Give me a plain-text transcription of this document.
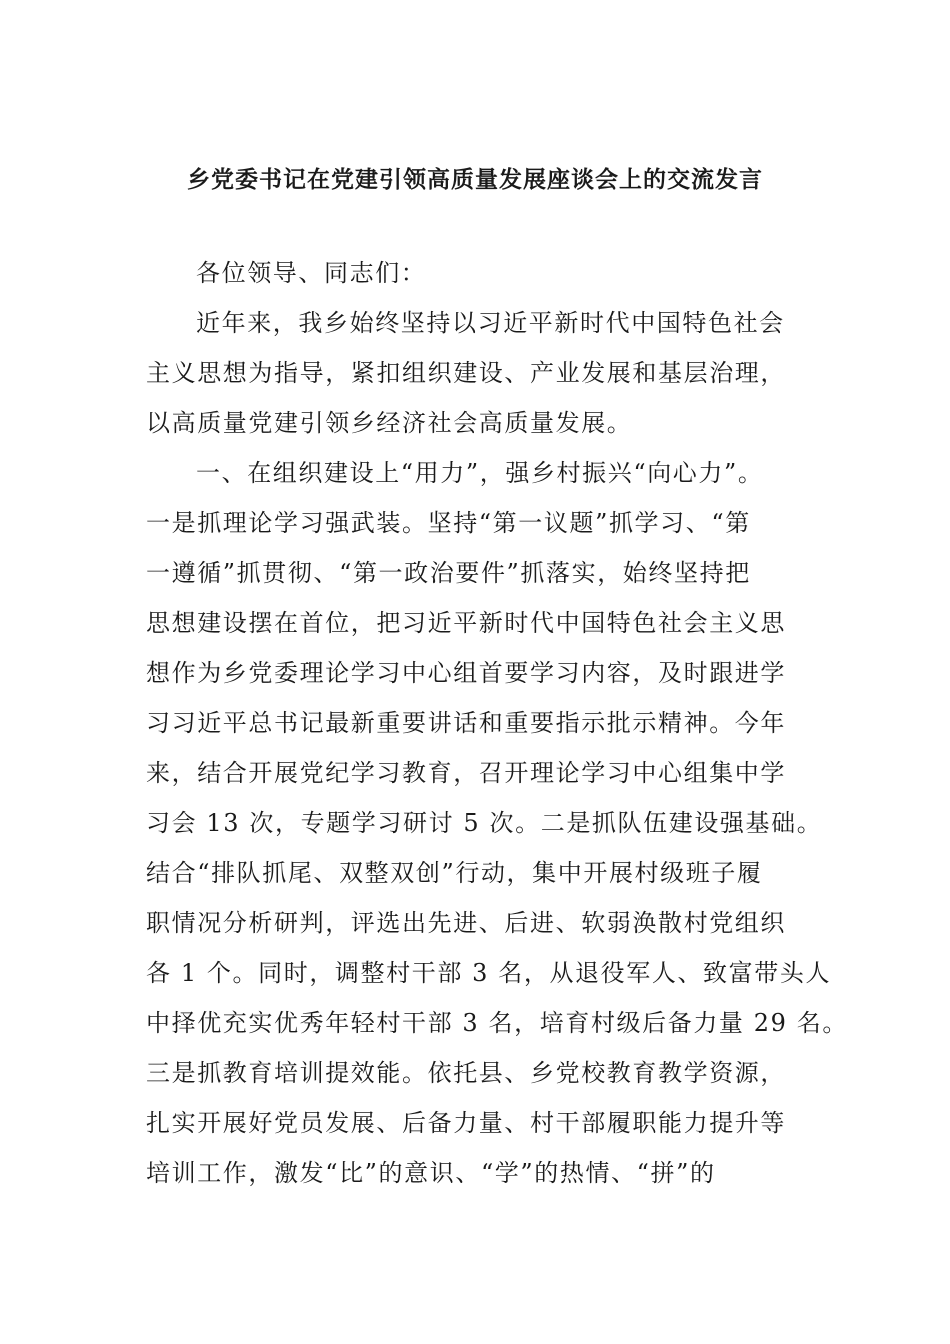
乡党委书记在党建引领高质量发展座谈会上的交流发言
各位领导、同志们：
近年来，我乡始终坚持以习近平新时代中国特色社会
主义思想为指导，紧扣组织建设、产业发展和基层治理，
以高质量党建引领乡经济社会高质量发展。
一、在组织建设上“用力”，强乡村振兴“向心力”。
一是抓理论学习强武装。坚持“第一议题”抓学习、“第
一遵循”抓贯彻、“第一政治要件”抓落实，始终坚持把
思想建设摆在首位，把习近平新时代中国特色社会主义思
想作为乡党委理论学习中心组首要学习内容，及时跟进学
习习近平总书记最新重要讲话和重要指示批示精神。今年
来，结合开展党纪学习教育，召开理论学习中心组集中学
习会 13 次，专题学习研讨 5 次。二是抓队伍建设强基础。
结合“排队抓尾、双整双创”行动，集中开展村级班子履
职情况分析研判，评选出先进、后进、软弱涣散村党组织
各 1 个。同时，调整村干部 3 名，从退役军人、致富带头人
中择优充实优秀年轻村干部 3 名，培育村级后备力量 29 名。
三是抓教育培训提效能。依托县、乡党校教育教学资源，
扎实开展好党员发展、后备力量、村干部履职能力提升等
培训工作，激发“比”的意识、“学”的热情、“拼”的
